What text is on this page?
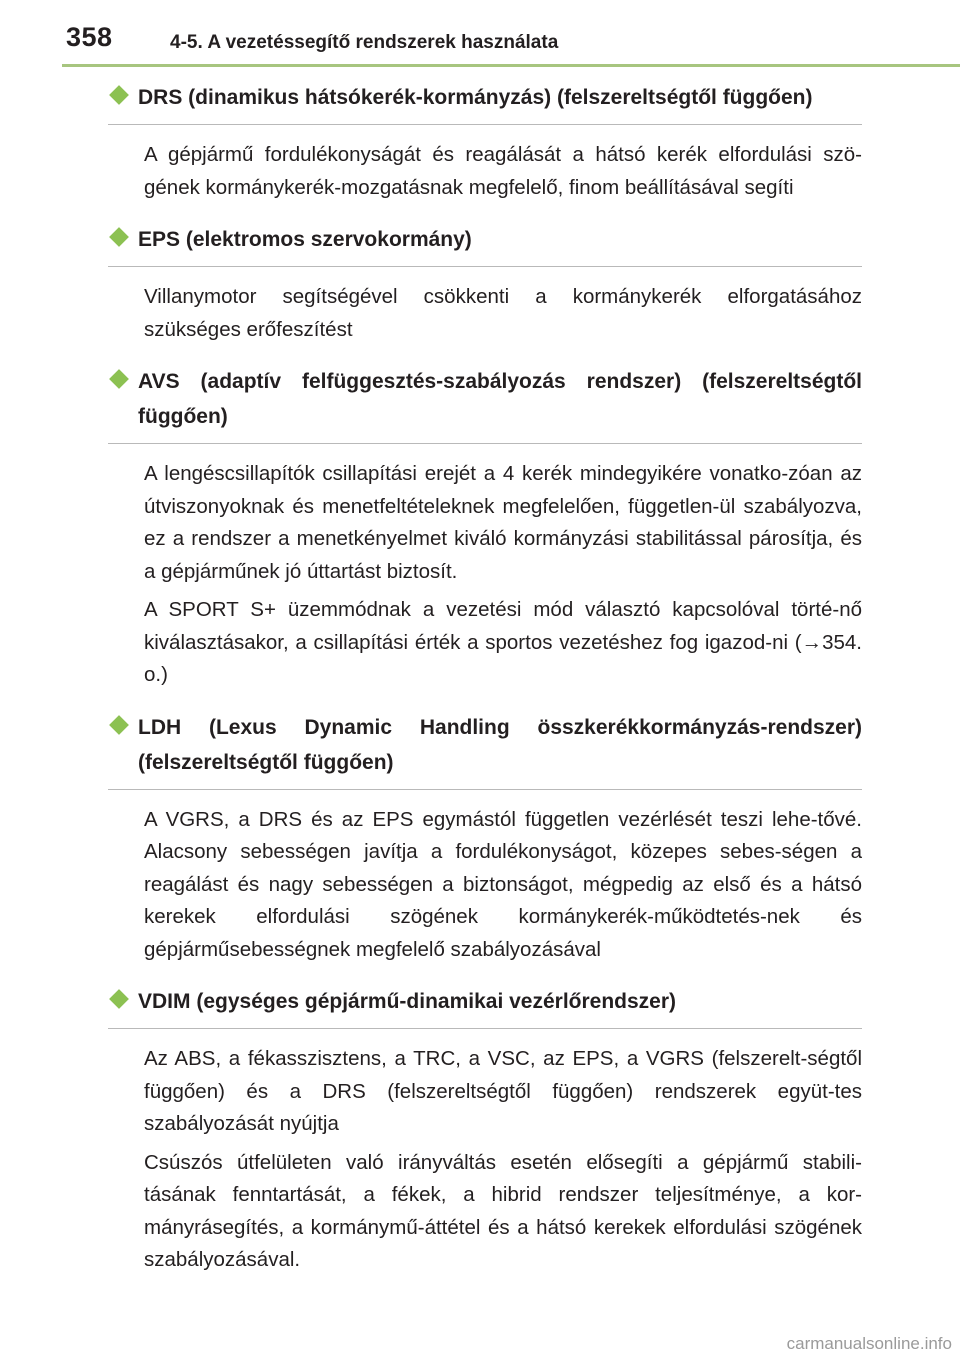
358	4-5. A vezetéssegítő rendszerek használata
DRS (dinamikus hátsókerék-kormányzás) (felszereltségtől függően)

A gépjármű fordulékonyságát és reagálását a hátsó kerék elfordulási szö-gének kormánykerék-mozgatásnak megfelelő, finom beállításával segíti

EPS (elektromos szervokormány)

Villanymotor segítségével csökkenti a kormánykerék elforgatásához szükséges erőfeszítést

AVS (adaptív felfüggesztés-szabályozás rendszer) (felszereltségtől függően)

A lengéscsillapítók csillapítási erejét a 4 kerék mindegyikére vonatko-zóan az útviszonyoknak és menetfeltételeknek megfelelően, független-ül szabályozva, ez a rendszer a menetkényelmet kiváló kormányzási stabilitással párosítja, és a gépjárműnek jó úttartást biztosít.

A SPORT S+ üzemmódnak a vezetési mód választó kapcsolóval törté-nő kiválasztásakor, a csillapítási érték a sportos vezetéshez fog igazod-ni (→354. o.)

LDH (Lexus Dynamic Handling összkerékkormányzás-rendszer) (felszereltségtől függően)

A VGRS, a DRS és az EPS egymástól független vezérlését teszi lehe-tővé. Alacsony sebességen javítja a fordulékonyságot, közepes sebes-ségen a reagálást és nagy sebességen a biztonságot, mégpedig az első és a hátsó kerekek elfordulási szögének kormánykerék-működtetés-nek és gépjárműsebességnek megfelelő szabályozásával

VDIM (egységes gépjármű-dinamikai vezérlőrendszer)

Az ABS, a fékasszisztens, a TRC, a VSC, az EPS, a VGRS (felszerelt-ségtől függően) és a DRS (felszereltségtől függően) rendszerek együt-tes szabályozását nyújtja

Csúszós útfelületen való irányváltás esetén elősegíti a gépjármű stabili-tásának fenntartását, a fékek, a hibrid rendszer teljesítménye, a kor-mányrásegítés, a kormánymű-áttétel és a hátsó kerekek elfordulási szögének szabályozásával.

carmanualsonline.info
